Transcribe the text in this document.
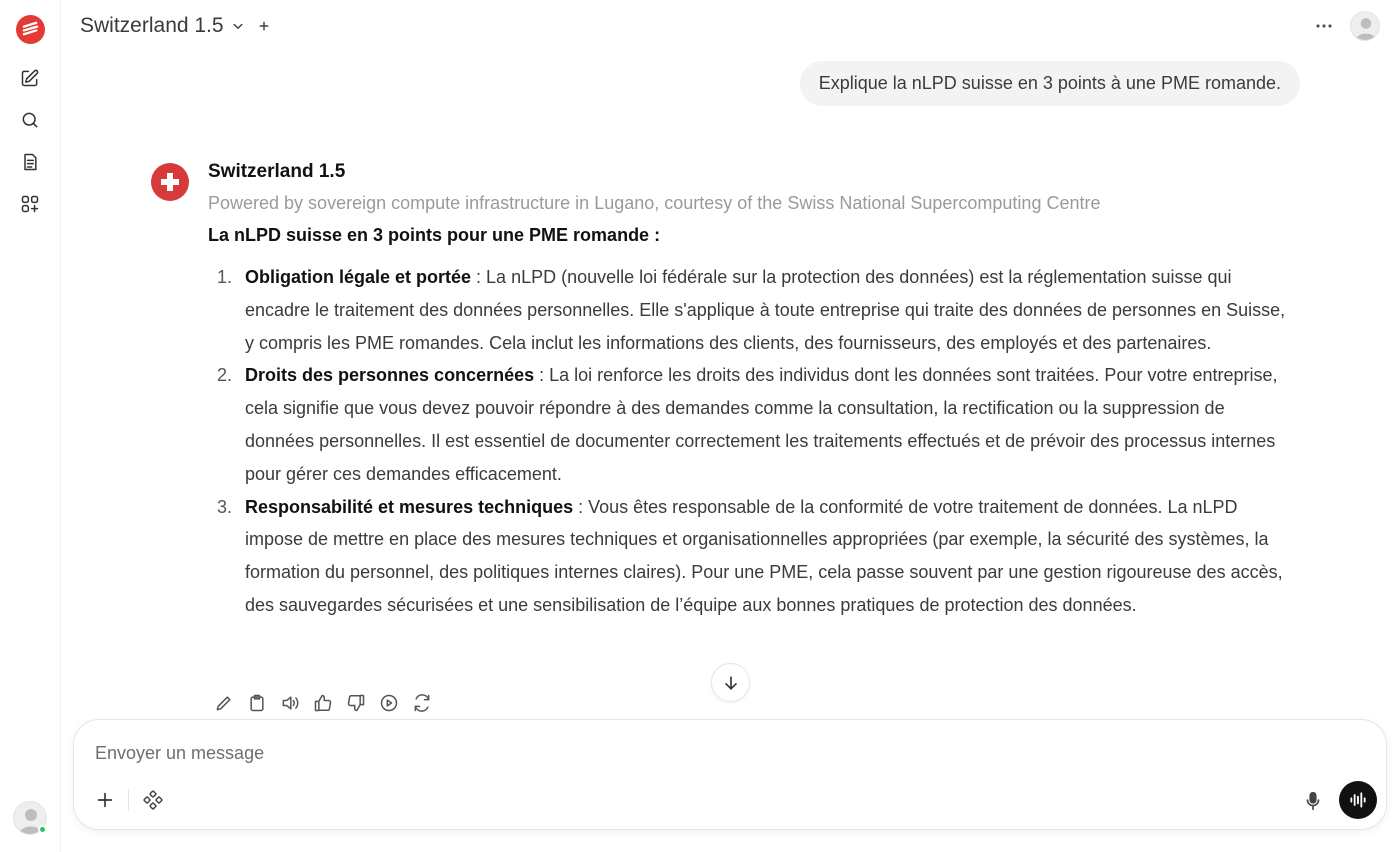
Switzerland 1.5
Explique la nLPD suisse en 3 points à une PME romande.
Switzerland 1.5
Powered by sovereign compute infrastructure in Lugano, courtesy of the Swiss National Supercomputing Centre
La nLPD suisse en 3 points pour une PME romande :
1. Obligation légale et portée : La nLPD (nouvelle loi fédérale sur la protection des données) est la réglementation suisse qui encadre le traitement des données personnelles. Elle s'applique à toute entreprise qui traite des données de personnes en Suisse, y compris les PME romandes. Cela inclut les informations des clients, des fournisseurs, des employés et des partenaires.
2. Droits des personnes concernées : La loi renforce les droits des individus dont les données sont traitées. Pour votre entreprise, cela signifie que vous devez pouvoir répondre à des demandes comme la consultation, la rectification ou la suppression de données personnelles. Il est essentiel de documenter correctement les traitements effectués et de prévoir des processus internes pour gérer ces demandes efficacement.
3. Responsabilité et mesures techniques : Vous êtes responsable de la conformité de votre traitement de données. La nLPD impose de mettre en place des mesures techniques et organisationnelles appropriées (par exemple, la sécurité des systèmes, la formation du personnel, des politiques internes claires). Pour une PME, cela passe souvent par une gestion rigoureuse des accès, des sauvegardes sécurisées et une sensibilisation de l’équipe aux bonnes pratiques de protection des données.
Envoyer un message
